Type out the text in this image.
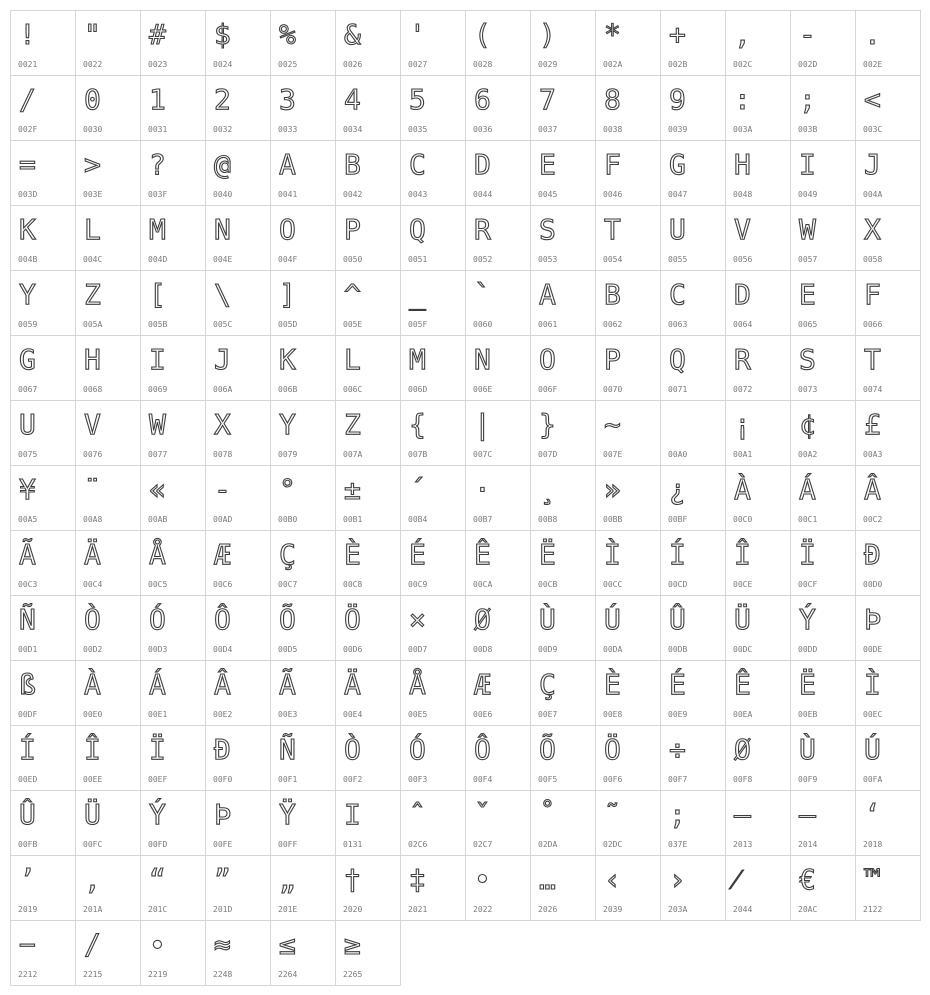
!
0021
"
0022
#
0023
$
0024
%
0025
&
0026
'
0027
(
0028
)
0029
*
002A
+
002B
,
002C
-
002D
.
002E
/
002F
0
0030
1
0031
2
0032
3
0033
4
0034
5
0035
6
0036
7
0037
8
0038
9
0039
:
003A
;
003B
<
003C
=
003D
>
003E
?
003F
@
0040
A
0041
B
0042
C
0043
D
0044
E
0045
F
0046
G
0047
H
0048
I
0049
J
004A
K
004B
L
004C
M
004D
N
004E
O
004F
P
0050
Q
0051
R
0052
S
0053
T
0054
U
0055
V
0056
W
0057
X
0058
Y
0059
Z
005A
[
005B
\
005C
]
005D
^
005E
_
005F
`
0060
A
0061
B
0062
C
0063
D
0064
E
0065
F
0066
G
0067
H
0068
I
0069
J
006A
K
006B
L
006C
M
006D
N
006E
O
006F
P
0070
Q
0071
R
0072
S
0073
T
0074
U
0075
V
0076
W
0077
X
0078
Y
0079
Z
007A
{
007B
|
007C
}
007D
~
007E	00A0
¡
00A1
¢
00A2
£
00A3
¥
00A5
¨
00A8
«
00AB
-
00AD
°
00B0
±
00B1
´
00B4
·
00B7
¸
00B8
»
00BB
¿
00BF
À
00C0
Á
00C1
Â
00C2
Ã
00C3
Ä
00C4
Å
00C5
Æ
00C6
Ç
00C7
È
00C8
É
00C9
Ê
00CA
Ë
00CB
Ì
00CC
Í
00CD
Î
00CE
Ï
00CF
Ð
00D0
Ñ
00D1
Ò
00D2
Ó
00D3
Ô
00D4
Õ
00D5
Ö
00D6
×
00D7
Ø
00D8
Ù
00D9
Ú
00DA
Û
00DB
Ü
00DC
Ý
00DD
Þ
00DE
ß
00DF
À
00E0
Á
00E1
Â
00E2
Ã
00E3
Ä
00E4
Å
00E5
Æ
00E6
Ç
00E7
È
00E8
É
00E9
Ê
00EA
Ë
00EB
Ì
00EC
Í
00ED
Î
00EE
Ï
00EF
Ð
00F0
Ñ
00F1
Ò
00F2
Ó
00F3
Ô
00F4
Õ
00F5
Ö
00F6
÷
00F7
Ø
00F8
Ù
00F9
Ú
00FA
Û
00FB
Ü
00FC
Ý
00FD
Þ
00FE
Ÿ
00FF
I
0131
ˆ
02C6
ˇ
02C7
˚
02DA
˜
02DC
;
037E
–
2013
—
2014
‘
2018
’
2019
‚
201A
“
201C
”
201D
„
201E
†
2020
‡
2021
•
2022
…
2026
‹
2039
›
203A
⁄
2044
€
20AC
™
2122
−
2212
∕
2215
∙
2219
≈
2248
≤
2264
≥
2265
